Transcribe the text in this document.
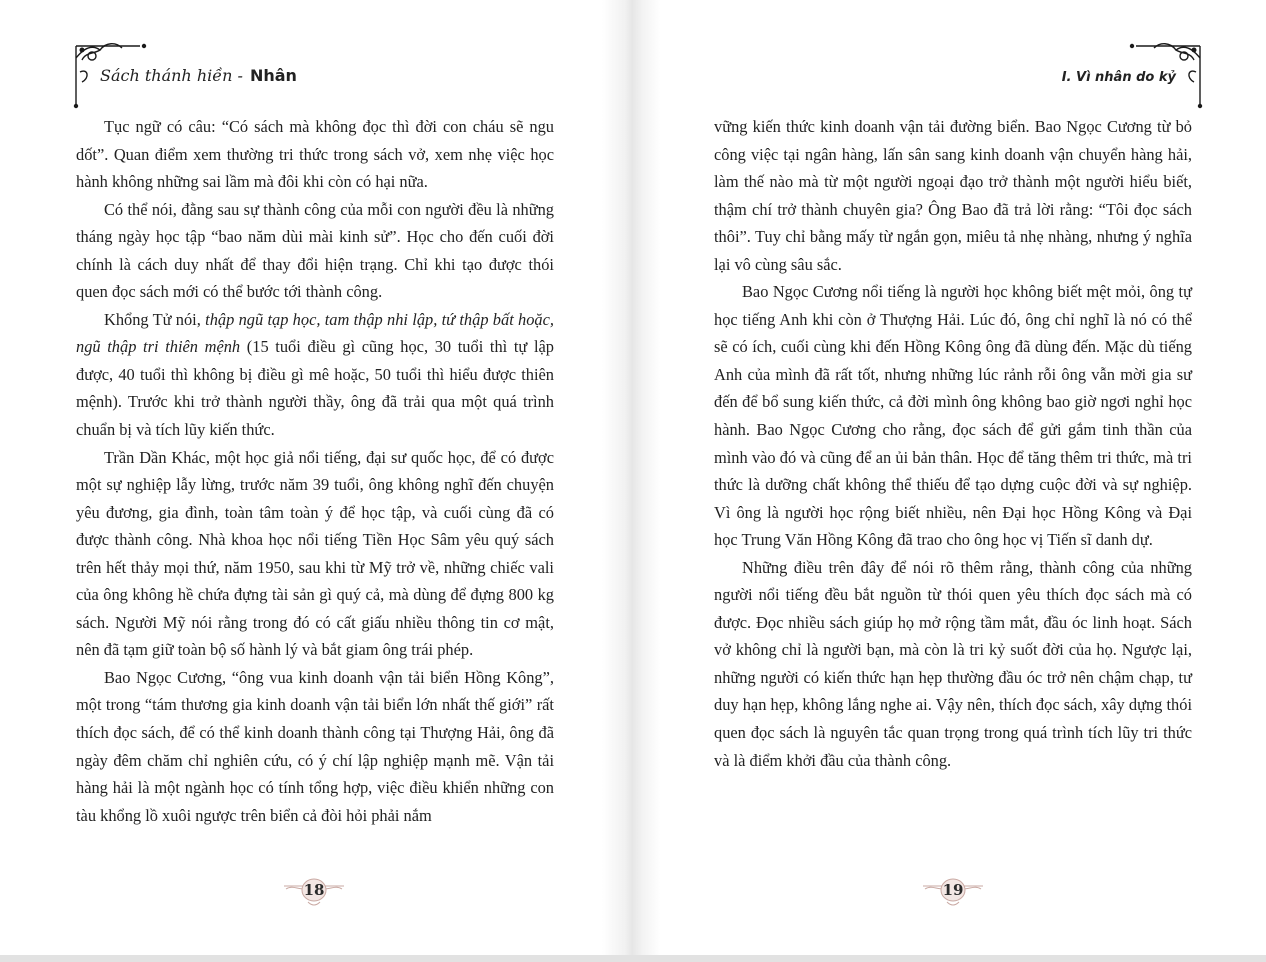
Sách thánh hiền - Nhân

Tục ngữ có câu: “Có sách mà không đọc thì đời con cháu sẽ ngu dốt”. Quan điểm xem thường tri thức trong sách vở, xem nhẹ việc học hành không những sai lầm mà đôi khi còn có hại nữa.

Có thể nói, đằng sau sự thành công của mỗi con người đều là những tháng ngày học tập “bao năm dùi mài kinh sử”. Học cho đến cuối đời chính là cách duy nhất để thay đổi hiện trạng. Chỉ khi tạo được thói quen đọc sách mới có thể bước tới thành công.

Khổng Tử nói, thập ngũ tạp học, tam thập nhi lập, tứ thập bất hoặc, ngũ thập tri thiên mệnh (15 tuổi điều gì cũng học, 30 tuổi thì tự lập được, 40 tuổi thì không bị điều gì mê hoặc, 50 tuổi thì hiểu được thiên mệnh). Trước khi trở thành người thầy, ông đã trải qua một quá trình chuẩn bị và tích lũy kiến thức.

Trần Dần Khác, một học giả nổi tiếng, đại sư quốc học, để có được một sự nghiệp lẫy lừng, trước năm 39 tuổi, ông không nghĩ đến chuyện yêu đương, gia đình, toàn tâm toàn ý để học tập, và cuối cùng đã có được thành công. Nhà khoa học nổi tiếng Tiền Học Sâm yêu quý sách trên hết thảy mọi thứ, năm 1950, sau khi từ Mỹ trở về, những chiếc vali của ông không hề chứa đựng tài sản gì quý cả, mà dùng để đựng 800 kg sách. Người Mỹ nói rằng trong đó có cất giấu nhiều thông tin cơ mật, nên đã tạm giữ toàn bộ số hành lý và bắt giam ông trái phép.

Bao Ngọc Cương, “ông vua kinh doanh vận tải biển Hồng Kông”, một trong “tám thương gia kinh doanh vận tải biển lớn nhất thế giới” rất thích đọc sách, để có thể kinh doanh thành công tại Thượng Hải, ông đã ngày đêm chăm chỉ nghiên cứu, có ý chí lập nghiệp mạnh mẽ. Vận tải hàng hải là một ngành học có tính tổng hợp, việc điều khiển những con tàu khổng lồ xuôi ngược trên biển cả đòi hỏi phải nắm

18
I. Vì nhân do kỷ

vững kiến thức kinh doanh vận tải đường biển. Bao Ngọc Cương từ bỏ công việc tại ngân hàng, lấn sân sang kinh doanh vận chuyển hàng hải, làm thế nào mà từ một người ngoại đạo trở thành một người hiểu biết, thậm chí trở thành chuyên gia? Ông Bao đã trả lời rằng: “Tôi đọc sách thôi”. Tuy chỉ bằng mấy từ ngắn gọn, miêu tả nhẹ nhàng, nhưng ý nghĩa lại vô cùng sâu sắc.

Bao Ngọc Cương nổi tiếng là người học không biết mệt mỏi, ông tự học tiếng Anh khi còn ở Thượng Hải. Lúc đó, ông chỉ nghĩ là nó có thể sẽ có ích, cuối cùng khi đến Hồng Kông ông đã dùng đến. Mặc dù tiếng Anh của mình đã rất tốt, nhưng những lúc rảnh rỗi ông vẫn mời gia sư đến để bổ sung kiến thức, cả đời mình ông không bao giờ ngơi nghỉ học hành. Bao Ngọc Cương cho rằng, đọc sách để gửi gắm tinh thần của mình vào đó và cũng để an ủi bản thân. Học để tăng thêm tri thức, mà tri thức là dưỡng chất không thể thiếu để tạo dựng cuộc đời và sự nghiệp. Vì ông là người học rộng biết nhiều, nên Đại học Hồng Kông và Đại học Trung Văn Hồng Kông đã trao cho ông học vị Tiến sĩ danh dự.

Những điều trên đây để nói rõ thêm rằng, thành công của những người nổi tiếng đều bắt nguồn từ thói quen yêu thích đọc sách mà có được. Đọc nhiều sách giúp họ mở rộng tầm mắt, đầu óc linh hoạt. Sách vở không chỉ là người bạn, mà còn là tri kỷ suốt đời của họ. Ngược lại, những người có kiến thức hạn hẹp thường đầu óc trở nên chậm chạp, tư duy hạn hẹp, không lắng nghe ai. Vậy nên, thích đọc sách, xây dựng thói quen đọc sách là nguyên tắc quan trọng trong quá trình tích lũy tri thức và là điểm khởi đầu của thành công.

19
